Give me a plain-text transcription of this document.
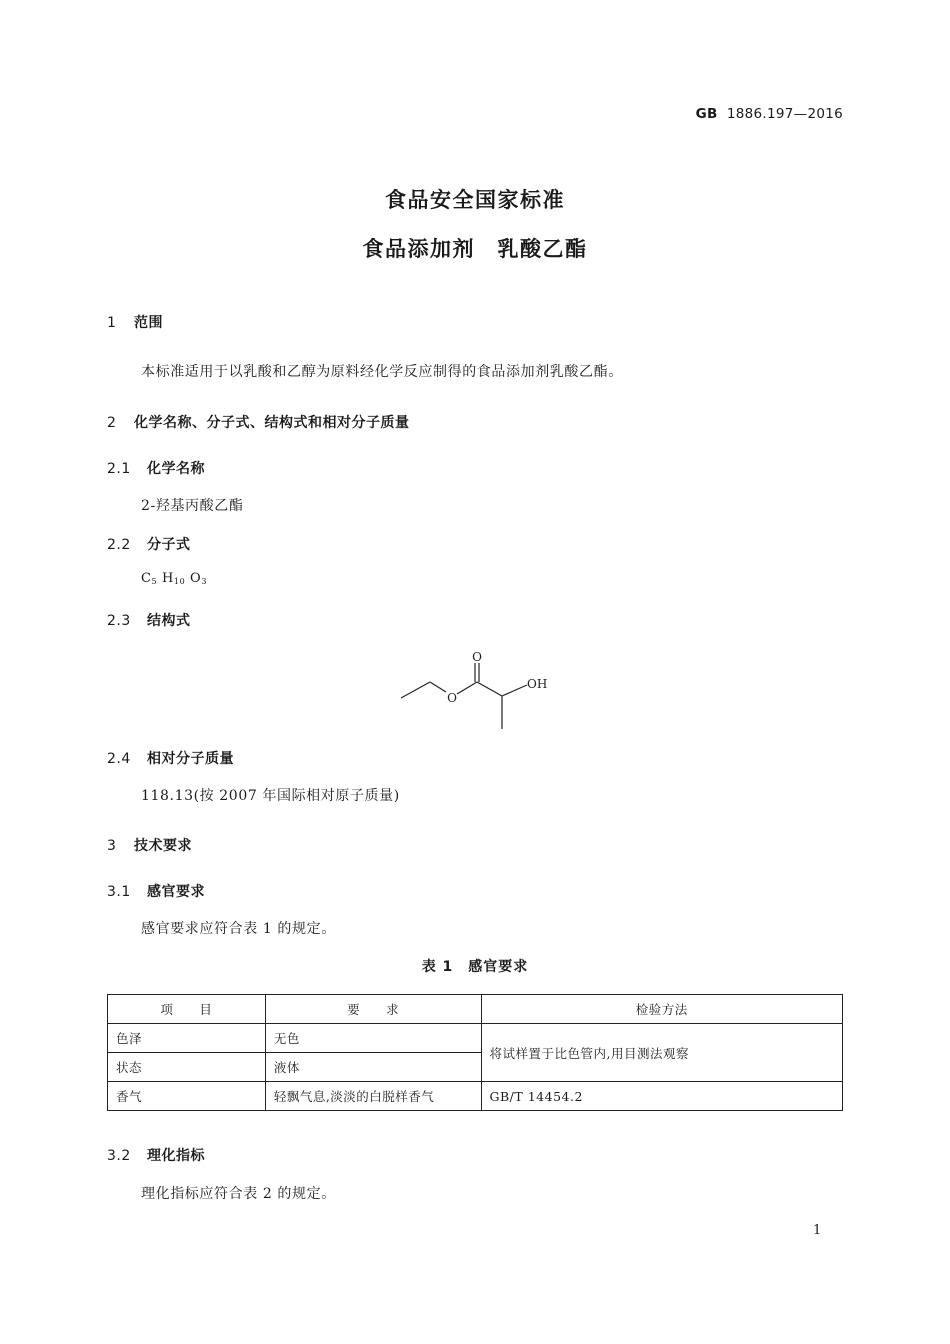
GB 1886.197—2016
食品安全国家标准
食品添加剂　乳酸乙酯
1 范围
本标准适用于以乳酸和乙醇为原料经化学反应制得的食品添加剂乳酸乙酯。
2 化学名称、分子式、结构式和相对分子质量
2.1 化学名称
2-羟基丙酸乙酯
2.2 分子式
$C_5$ $H_{10}$ $O_3$
2.3 结构式
O
O
OH
2.4 相对分子质量
118.13(按 2007 年国际相对原子质量)
3 技术要求
3.1 感官要求
感官要求应符合表 1 的规定。
表 1　感官要求
项　　目	要　　求	检验方法
色泽	无色	将试样置于比色管内,用目测法观察
状态	液体	
香气	轻飘气息,淡淡的白脱样香气	GB/T 14454.2
3.2 理化指标
理化指标应符合表 2 的规定。
1
